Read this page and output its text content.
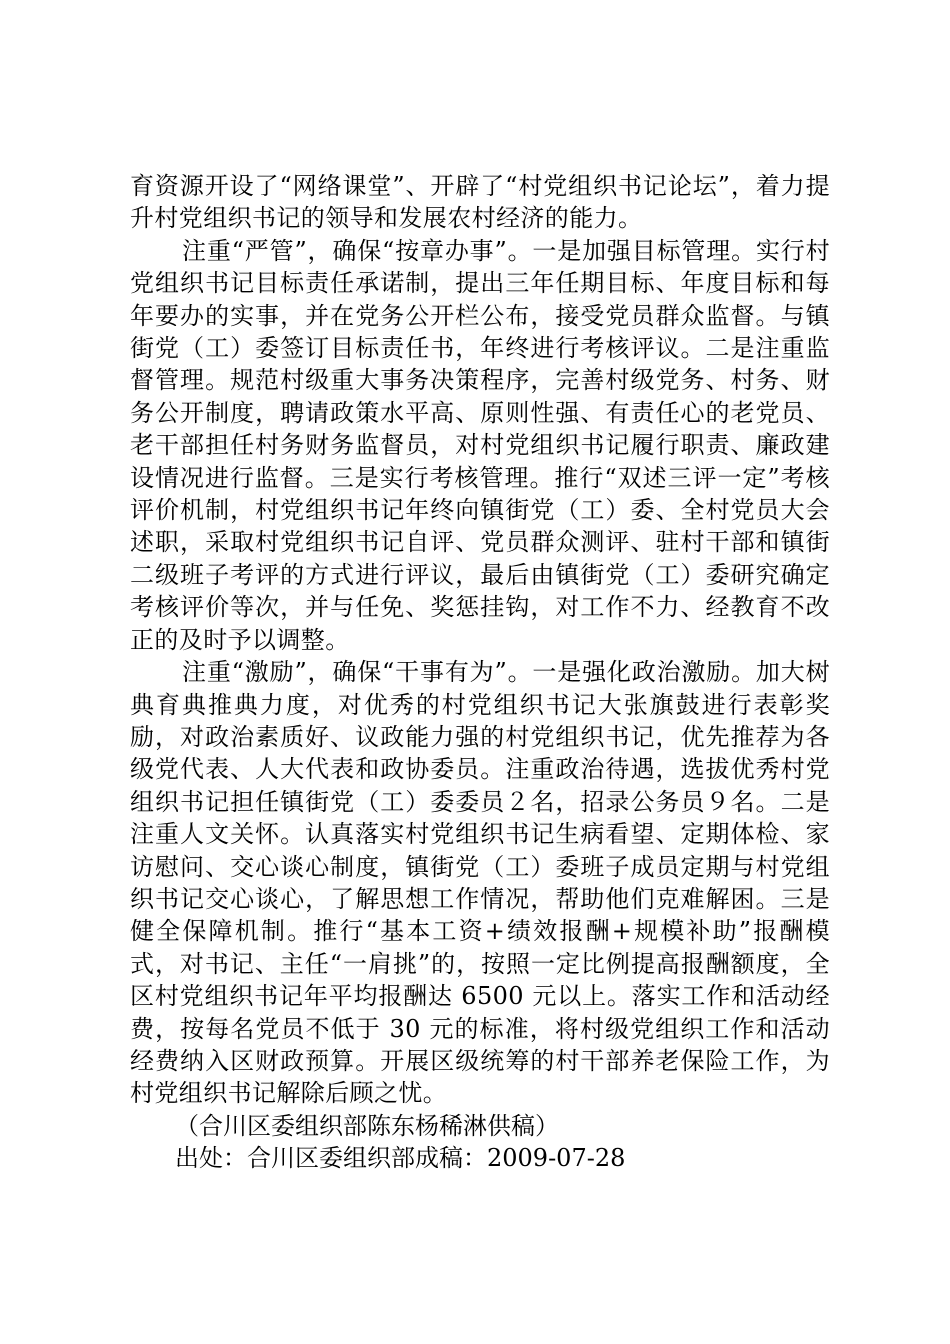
育资源开设了“网络课堂”、开辟了“村党组织书记论坛”，着力提升村党组织书记的领导和发展农村经济的能力。

注重“严管”，确保“按章办事”。一是加强目标管理。实行村党组织书记目标责任承诺制，提出三年任期目标、年度目标和每年要办的实事，并在党务公开栏公布，接受党员群众监督。与镇街党（工）委签订目标责任书，年终进行考核评议。二是注重监督管理。规范村级重大事务决策程序，完善村级党务、村务、财务公开制度，聘请政策水平高、原则性强、有责任心的老党员、老干部担任村务财务监督员，对村党组织书记履行职责、廉政建设情况进行监督。三是实行考核管理。推行“双述三评一定”考核评价机制，村党组织书记年终向镇街党（工）委、全村党员大会述职，采取村党组织书记自评、党员群众测评、驻村干部和镇街二级班子考评的方式进行评议，最后由镇街党（工）委研究确定考核评价等次，并与任免、奖惩挂钩，对工作不力、经教育不改正的及时予以调整。

注重“激励”，确保“干事有为”。一是强化政治激励。加大树典育典推典力度，对优秀的村党组织书记大张旗鼓进行表彰奖励，对政治素质好、议政能力强的村党组织书记，优先推荐为各级党代表、人大代表和政协委员。注重政治待遇，选拔优秀村党组织书记担任镇街党（工）委委员２名，招录公务员９名。二是注重人文关怀。认真落实村党组织书记生病看望、定期体检、家访慰问、交心谈心制度，镇街党（工）委班子成员定期与村党组织书记交心谈心，了解思想工作情况，帮助他们克难解困。三是健全保障机制。推行“基本工资+绩效报酬+规模补助”报酬模式，对书记、主任“一肩挑”的，按照一定比例提高报酬额度，全区村党组织书记年平均报酬达 6500 元以上。落实工作和活动经费，按每名党员不低于 30 元的标准，将村级党组织工作和活动经费纳入区财政预算。开展区级统筹的村干部养老保险工作，为村党组织书记解除后顾之忧。

（合川区委组织部陈东杨稀淋供稿）

出处：合川区委组织部成稿：2009-07-28
